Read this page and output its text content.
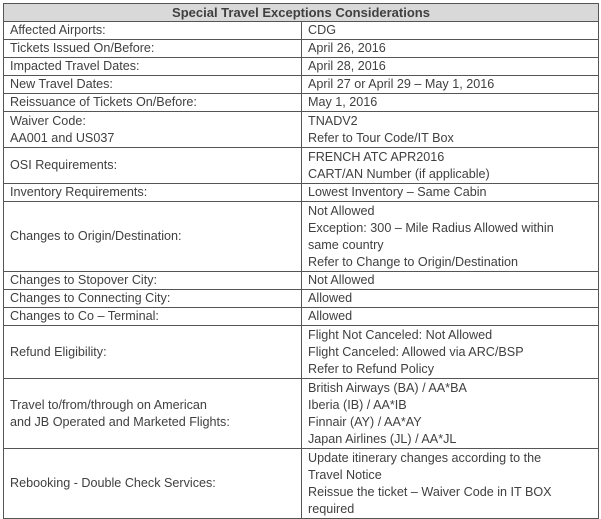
Special Travel Exceptions Considerations	

Affected Airports:	CDG

Tickets Issued On/Before:	April 26, 2016

Impacted Travel Dates:	April 28, 2016

New Travel Dates:	April 27 or April 29 – May 1, 2016

Reissuance of Tickets On/Before:	May 1, 2016

Waiver Code:
AA001 and US037	TNADV2
Refer to Tour Code/IT Box

OSI Requirements:	FRENCH ATC APR2016
CART/AN Number (if applicable)

Inventory Requirements:	Lowest Inventory – Same Cabin

Changes to Origin/Destination:	Not Allowed
Exception: 300 – Mile Radius Allowed within
same country
Refer to Change to Origin/Destination

Changes to Stopover City:	Not Allowed

Changes to Connecting City:	Allowed

Changes to Co – Terminal:	Allowed

Refund Eligibility:	Flight Not Canceled: Not Allowed
Flight Canceled: Allowed via ARC/BSP
Refer to Refund Policy

Travel to/from/through on American
and JB Operated and Marketed Flights:	British Airways (BA) / AA*BA
Iberia (IB) / AA*IB
Finnair (AY) / AA*AY
Japan Airlines (JL) / AA*JL

Rebooking - Double Check Services:	Update itinerary changes according to the
Travel Notice
Reissue the ticket – Waiver Code in IT BOX
required
